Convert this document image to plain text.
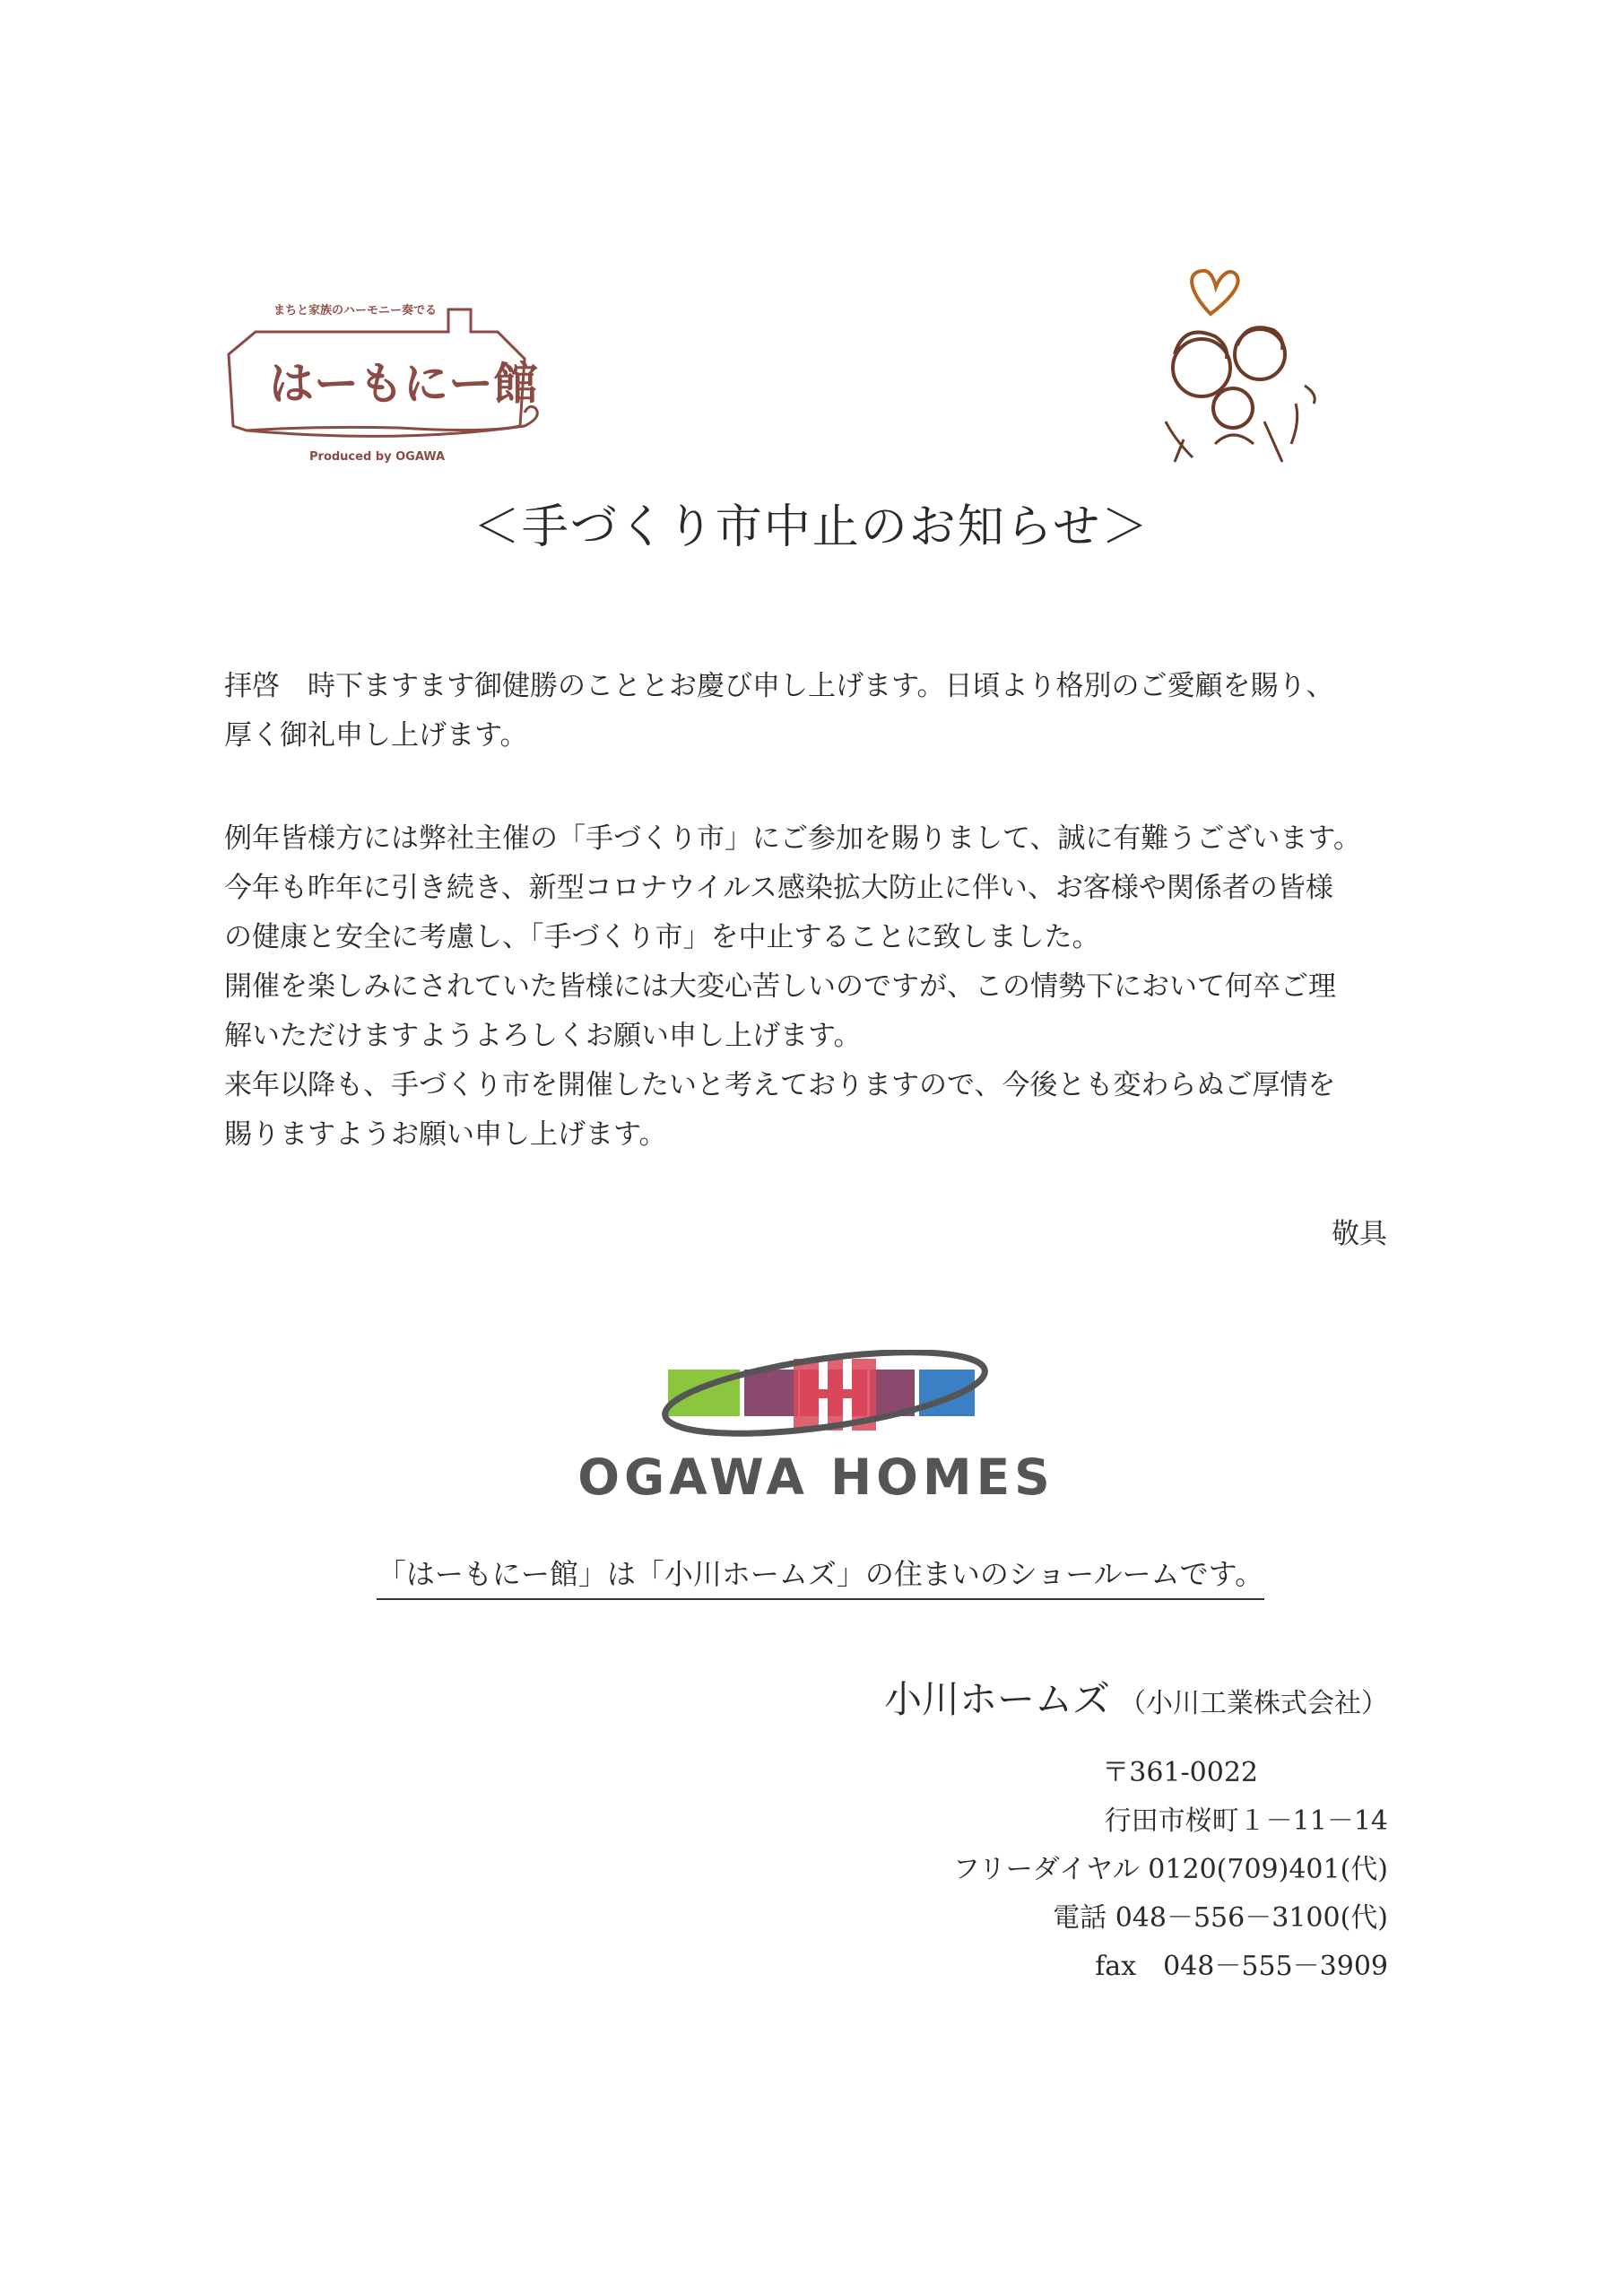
まちと家族のハーモニー奏でる
はーもにー館
Produced by OGAWA
＜手づくり市中止のお知らせ＞

拝啓　時下ますます御健勝のこととお慶び申し上げます。日頃より格別のご愛顧を賜り、
厚く御礼申し上げます。

例年皆様方には弊社主催の「手づくり市」にご参加を賜りまして、誠に有難うございます。
今年も昨年に引き続き、新型コロナウイルス感染拡大防止に伴い、お客様や関係者の皆様
の健康と安全に考慮し、「手づくり市」を中止することに致しました。
開催を楽しみにされていた皆様には大変心苦しいのですが、この情勢下において何卒ご理
解いただけますようよろしくお願い申し上げます。
来年以降も、手づくり市を開催したいと考えておりますので、今後とも変わらぬご厚情を
賜りますようお願い申し上げます。

敬具
OGAWA HOMES
「はーもにー館」は「小川ホームズ」の住まいのショールームです。
小川ホームズ （小川工業株式会社）
〒361-0022
行田市桜町１－11－14
フリーダイヤル 0120(709)401(代)
電話 048－556－3100(代)
fax 048－555－3909
